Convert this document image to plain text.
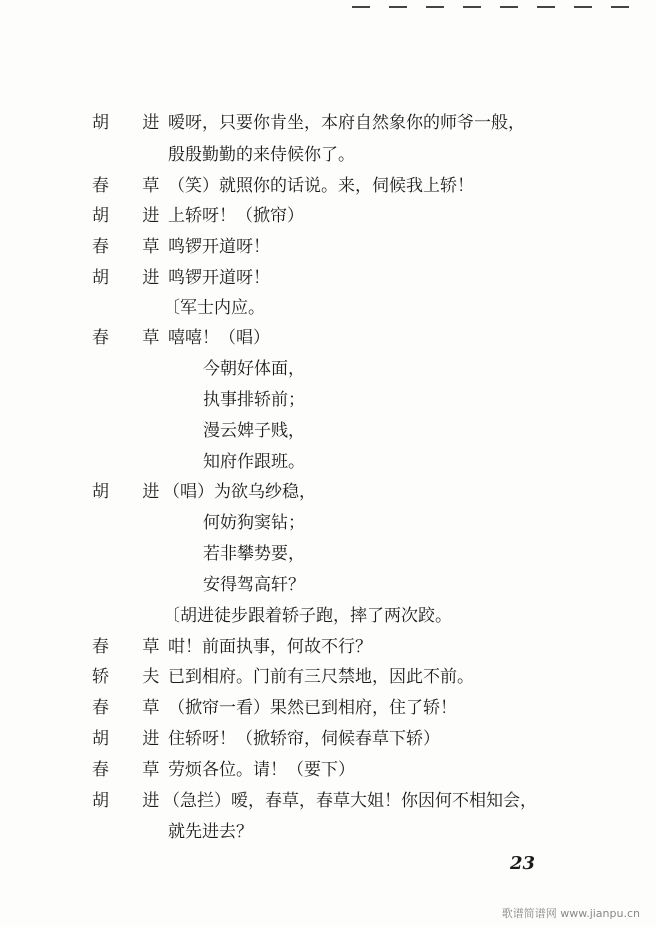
胡 进
嗳呀，只要你肯坐，本府自然象你的师爷一般，
殷殷勤勤的来侍候你了。
春 草
（笑）就照你的话说。来，伺候我上轿！
胡 进
上轿呀！（掀帘）
春 草
鸣锣开道呀！
胡 进
鸣锣开道呀！
〔军士内应。
春 草
嘻嘻！（唱）
今朝好体面，
执事排轿前；
漫云婢子贱，
知府作跟班。
胡 进
（唱）为欲乌纱稳，
何妨狗窦钻；
若非攀势要，
安得驾高轩？
〔胡进徒步跟着轿子跑，摔了两次跤。
春 草
咁！前面执事，何故不行？
轿 夫
已到相府。门前有三尺禁地，因此不前。
春 草
（掀帘一看）果然已到相府，住了轿！
胡 进
住轿呀！（掀轿帘，伺候春草下轿）
春 草
劳烦各位。请！（要下）
胡 进
（急拦）嗳，春草，春草大姐！你因何不相知会，
就先进去？
23
歌谱简谱网 www.jianpu.cn
